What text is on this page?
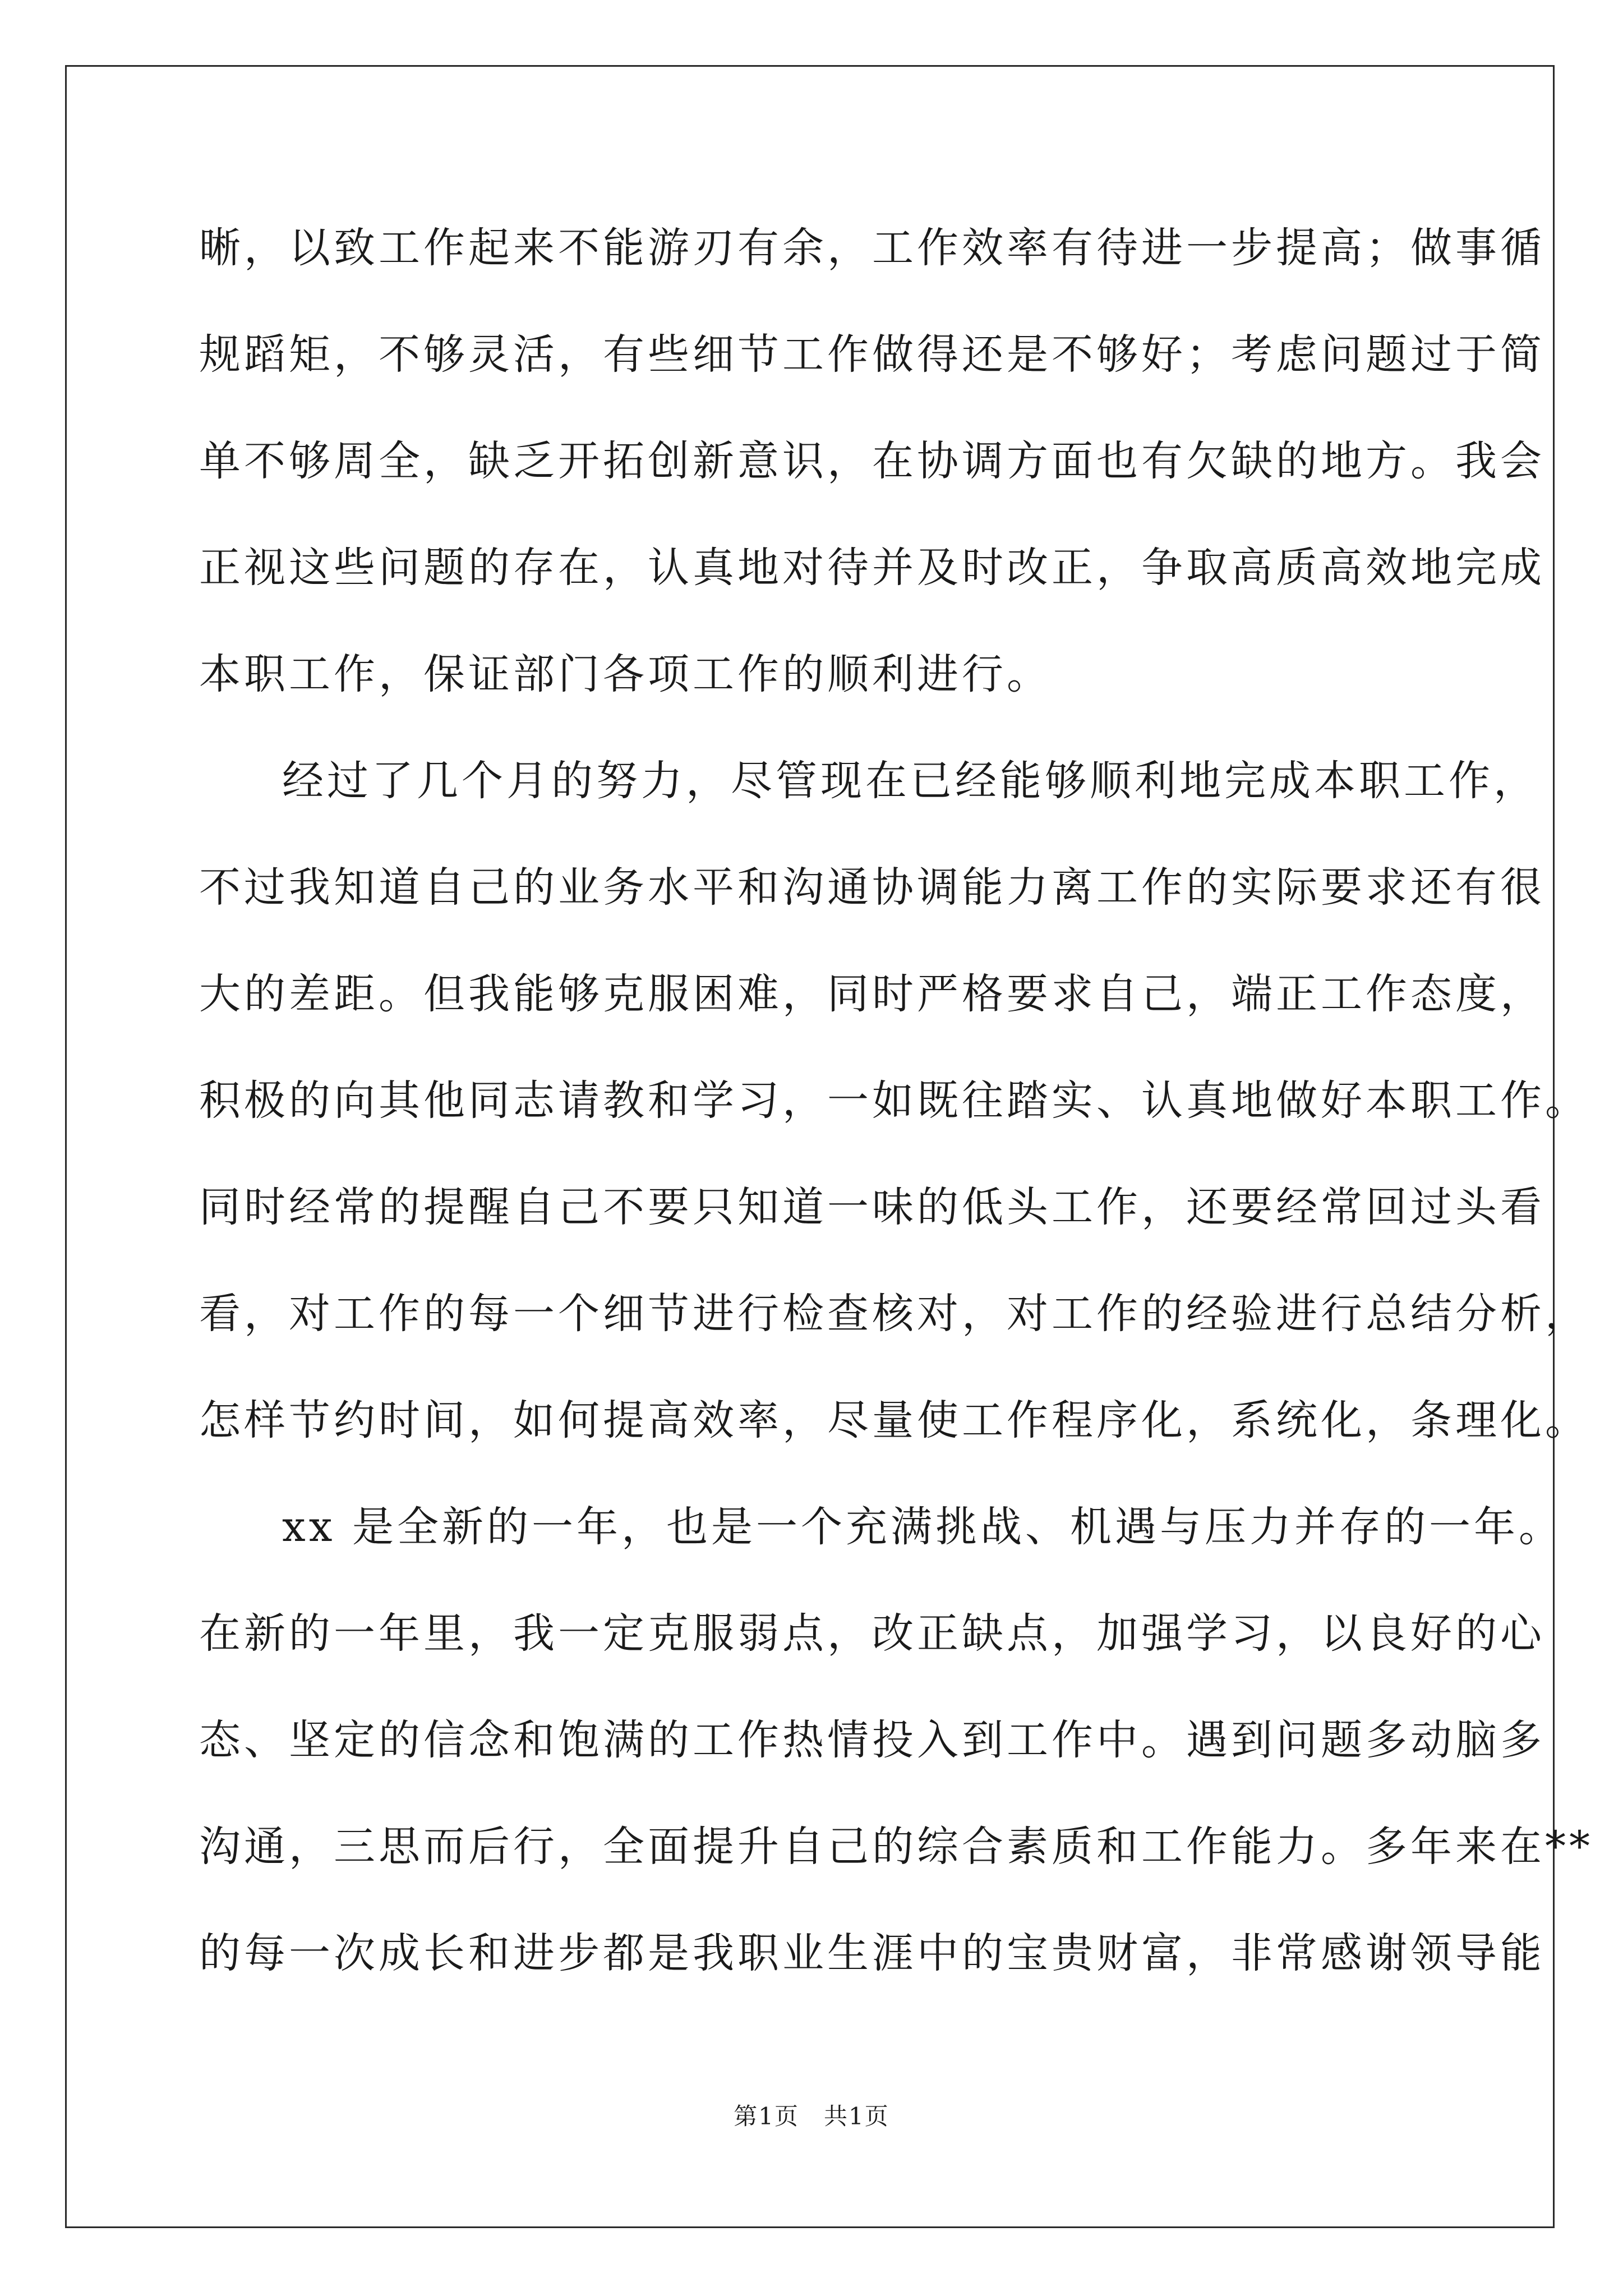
晰，以致工作起来不能游刃有余，工作效率有待进一步提高；做事循
规蹈矩，不够灵活，有些细节工作做得还是不够好；考虑问题过于简
单不够周全，缺乏开拓创新意识，在协调方面也有欠缺的地方。我会
正视这些问题的存在，认真地对待并及时改正，争取高质高效地完成
本职工作，保证部门各项工作的顺利进行。
经过了几个月的努力，尽管现在已经能够顺利地完成本职工作，
不过我知道自己的业务水平和沟通协调能力离工作的实际要求还有很
大的差距。但我能够克服困难，同时严格要求自己，端正工作态度，
积极的向其他同志请教和学习，一如既往踏实、认真地做好本职工作。
同时经常的提醒自己不要只知道一味的低头工作，还要经常回过头看
看，对工作的每一个细节进行检查核对，对工作的经验进行总结分析，
怎样节约时间，如何提高效率，尽量使工作程序化，系统化，条理化。
xx 是全新的一年，也是一个充满挑战、机遇与压力并存的一年。
在新的一年里，我一定克服弱点，改正缺点，加强学习，以良好的心
态、坚定的信念和饱满的工作热情投入到工作中。遇到问题多动脑多
沟通，三思而后行，全面提升自己的综合素质和工作能力。多年来在**
的每一次成长和进步都是我职业生涯中的宝贵财富，非常感谢领导能
第1页　共1页
